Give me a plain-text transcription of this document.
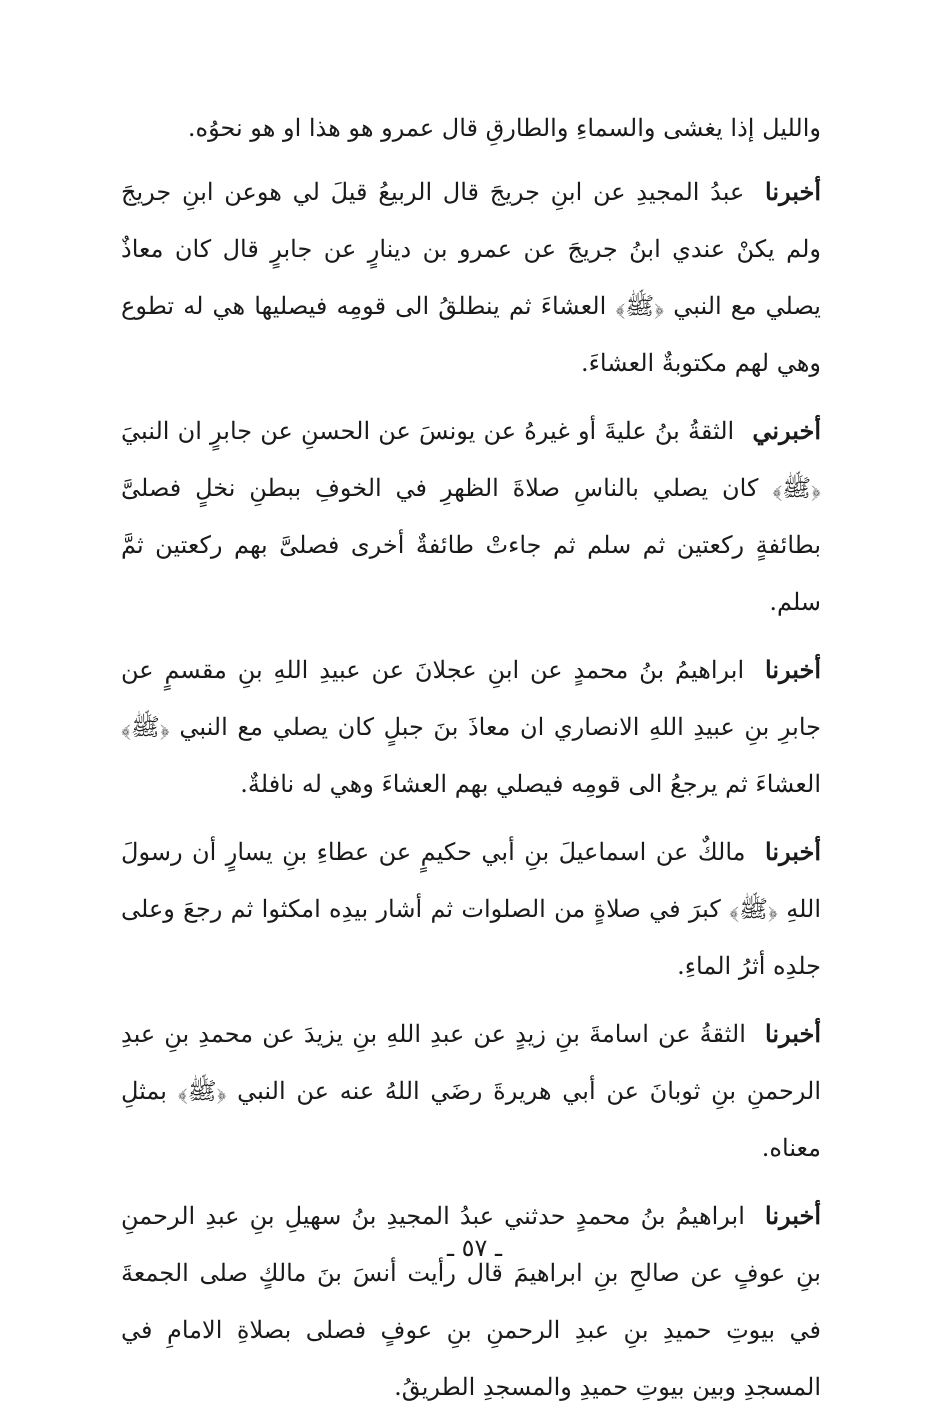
والليل إذا يغشى والسماءِ والطارقِ قال عمرو هو هذا او هو نحوُه.

أخبرنا عبدُ المجيدِ عن ابنِ جريجَ قال الربيعُ قيلَ لي هوعن ابنِ جريجَ ولم يكنْ عندي ابنُ جريجَ عن عمرو بن دينارٍ عن جابرٍ قال كان معاذٌ يصلي مع النبي ﴿ﷺ﴾ العشاءَ ثم ينطلقُ الى قومِه فيصليها هي له تطوع وهي لهم مكتوبةٌ العشاءَ.

أخبرني الثقةُ بنُ عليةَ أو غيرهُ عن يونسَ عن الحسنِ عن جابرٍ ان النبيَ ﴿ﷺ﴾ كان يصلي بالناسِ صلاةَ الظهرِ في الخوفِ ببطنِ نخلٍ فصلىَّ بطائفةٍ ركعتين ثم سلم ثم جاءتْ طائفةٌ أخرى فصلىَّ بهم ركعتين ثمَّ سلم.

أخبرنا ابراهيمُ بنُ محمدٍ عن ابنِ عجلانَ عن عبيدِ اللهِ بنِ مقسمٍ عن جابرِ بنِ عبيدِ اللهِ الانصاري ان معاذَ بنَ جبلٍ كان يصلي مع النبي ﴿ﷺ﴾ العشاءَ ثم يرجعُ الى قومِه فيصلي بهم العشاءَ وهي له نافلةٌ.

أخبرنا مالكٌ عن اسماعيلَ بنِ أبي حكيمٍ عن عطاءِ بنِ يسارٍ أن رسولَ اللهِ ﴿ﷺ﴾ كبرَ في صلاةٍ من الصلوات ثم أشار بيدِه امكثوا ثم رجعَ وعلى جلدِه أثرُ الماءِ.

أخبرنا الثقةُ عن اسامةَ بنِ زيدٍ عن عبدِ اللهِ بنِ يزيدَ عن محمدِ بنِ عبدِ الرحمنِ بنِ ثوبانَ عن أبي هريرةَ رضَي اللهُ عنه عن النبي ﴿ﷺ﴾ بمثلِ معناه.

أخبرنا ابراهيمُ بنُ محمدٍ حدثني عبدُ المجيدِ بنُ سهيلِ بنِ عبدِ الرحمنِ بنِ عوفٍ عن صالحِ بنِ ابراهيمَ قال رأيت أنسَ بنَ مالكٍ صلى الجمعةَ في بيوتِ حميدِ بنِ عبدِ الرحمنِ بنِ عوفٍ فصلى بصلاةِ الامامِ في المسجدِ وبين بيوتِ حميدِ والمسجدِ الطريقُ.

ـ ٥٧ ـ
